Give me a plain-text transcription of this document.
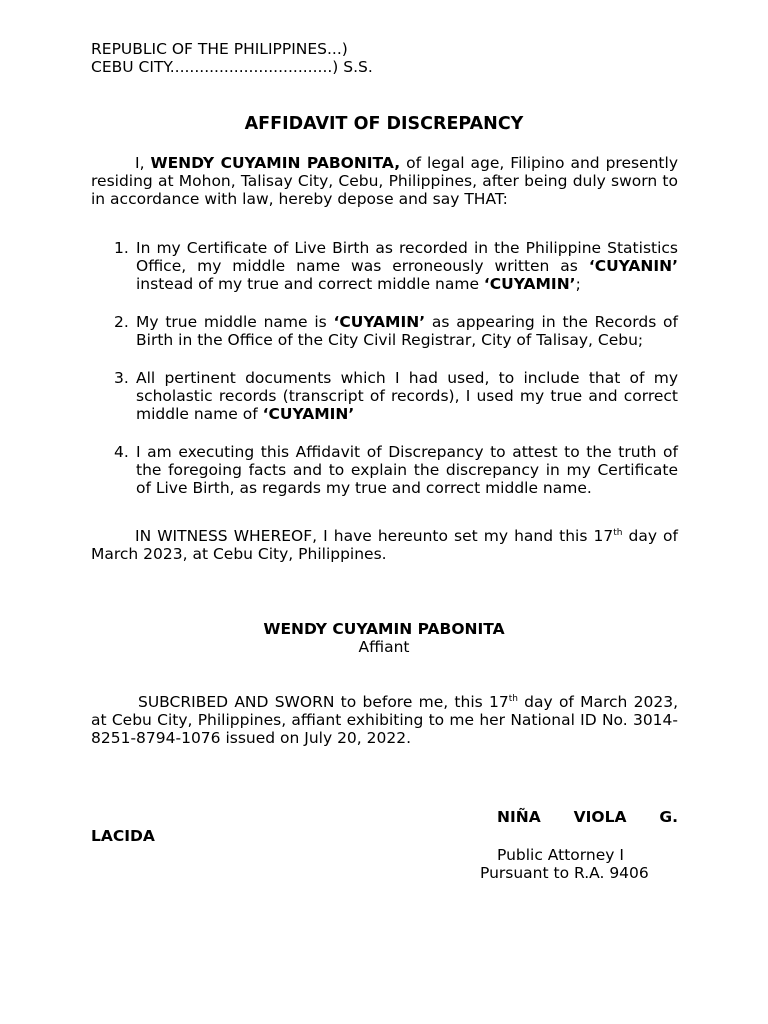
REPUBLIC OF THE PHILIPPINES...)
CEBU CITY.................................) S.S.
AFFIDAVIT OF DISCREPANCY
I, WENDY CUYAMIN PABONITA, of legal age, Filipino and presently residing at Mohon, Talisay City, Cebu, Philippines, after being duly sworn to in accordance with law, hereby depose and say THAT:
1. In my Certificate of Live Birth as recorded in the Philippine Statistics Office, my middle name was erroneously written as ‘CUYANIN’ instead of my true and correct middle name ‘CUYAMIN’;
2. My true middle name is ‘CUYAMIN’ as appearing in the Records of Birth in the Office of the City Civil Registrar, City of Talisay, Cebu;
3. All pertinent documents which I had used, to include that of my scholastic records (transcript of records), I used my true and correct middle name of ‘CUYAMIN’
4. I am executing this Affidavit of Discrepancy to attest to the truth of the foregoing facts and to explain the discrepancy in my Certificate of Live Birth, as regards my true and correct middle name.
IN WITNESS WHEREOF, I have hereunto set my hand this 17th day of March 2023, at Cebu City, Philippines.
WENDY CUYAMIN PABONITA
Affiant
SUBCRIBED AND SWORN to before me, this 17th day of March 2023, at Cebu City, Philippines, affiant exhibiting to me her National ID No. 3014-8251-8794-1076 issued on July 20, 2022.
NIÑA VIOLA G.
LACIDA
Public Attorney I
Pursuant to R.A. 9406
